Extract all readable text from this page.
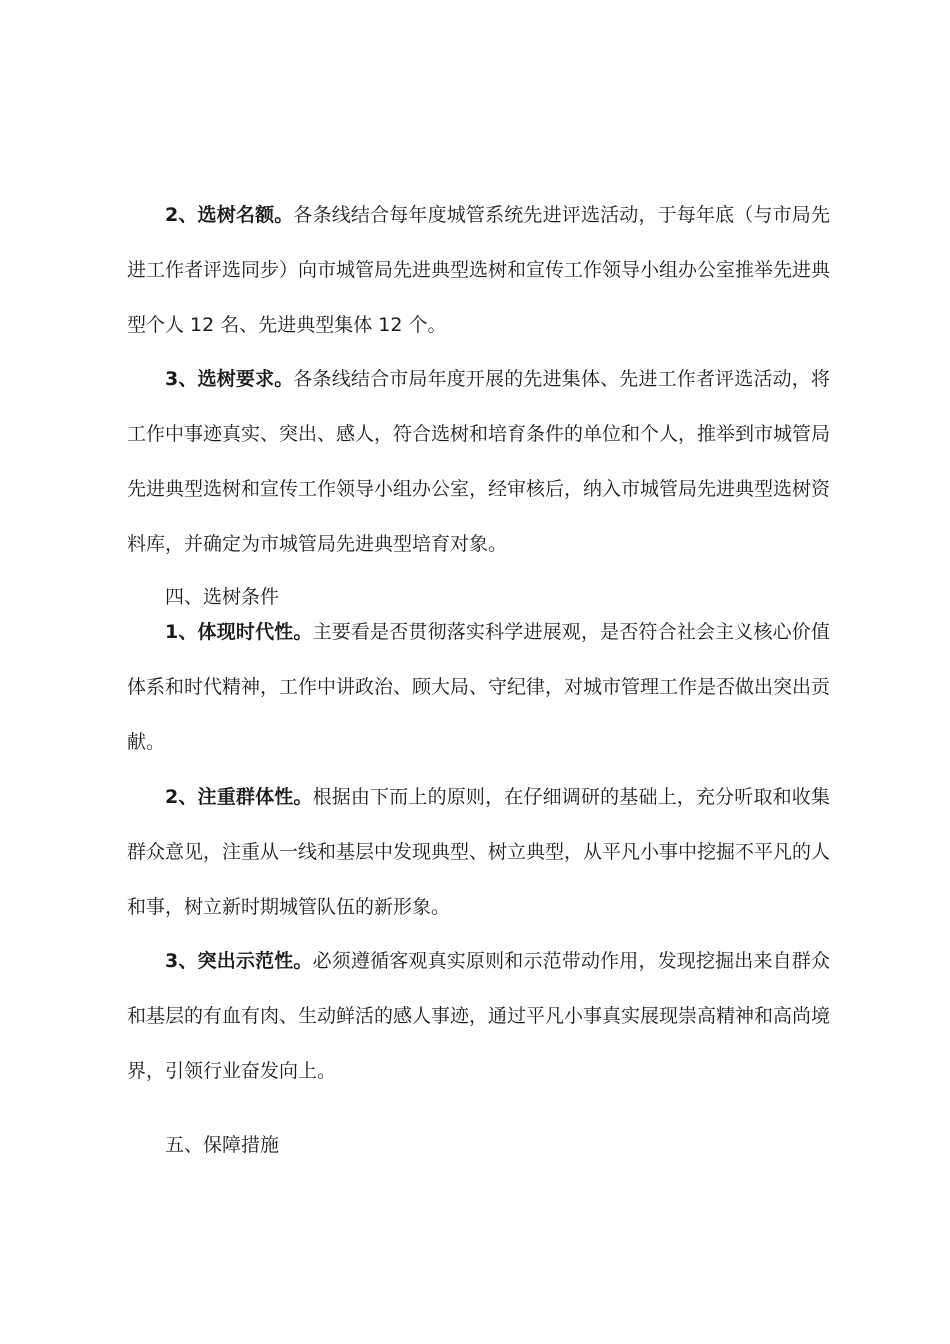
2、选树名额。各条线结合每年度城管系统先进评选活动，于每年底（与市局先进工作者评选同步）向市城管局先进典型选树和宣传工作领导小组办公室推举先进典型个人 12 名、先进典型集体 12 个。

3、选树要求。各条线结合市局年度开展的先进集体、先进工作者评选活动，将工作中事迹真实、突出、感人，符合选树和培育条件的单位和个人，推举到市城管局先进典型选树和宣传工作领导小组办公室，经审核后，纳入市城管局先进典型选树资料库，并确定为市城管局先进典型培育对象。

四、选树条件

1、体现时代性。主要看是否贯彻落实科学进展观，是否符合社会主义核心价值体系和时代精神，工作中讲政治、顾大局、守纪律，对城市管理工作是否做出突出贡献。

2、注重群体性。根据由下而上的原则，在仔细调研的基础上，充分听取和收集群众意见，注重从一线和基层中发现典型、树立典型，从平凡小事中挖掘不平凡的人和事，树立新时期城管队伍的新形象。

3、突出示范性。必须遵循客观真实原则和示范带动作用，发现挖掘出来自群众和基层的有血有肉、生动鲜活的感人事迹，通过平凡小事真实展现崇高精神和高尚境界，引领行业奋发向上。

五、保障措施
